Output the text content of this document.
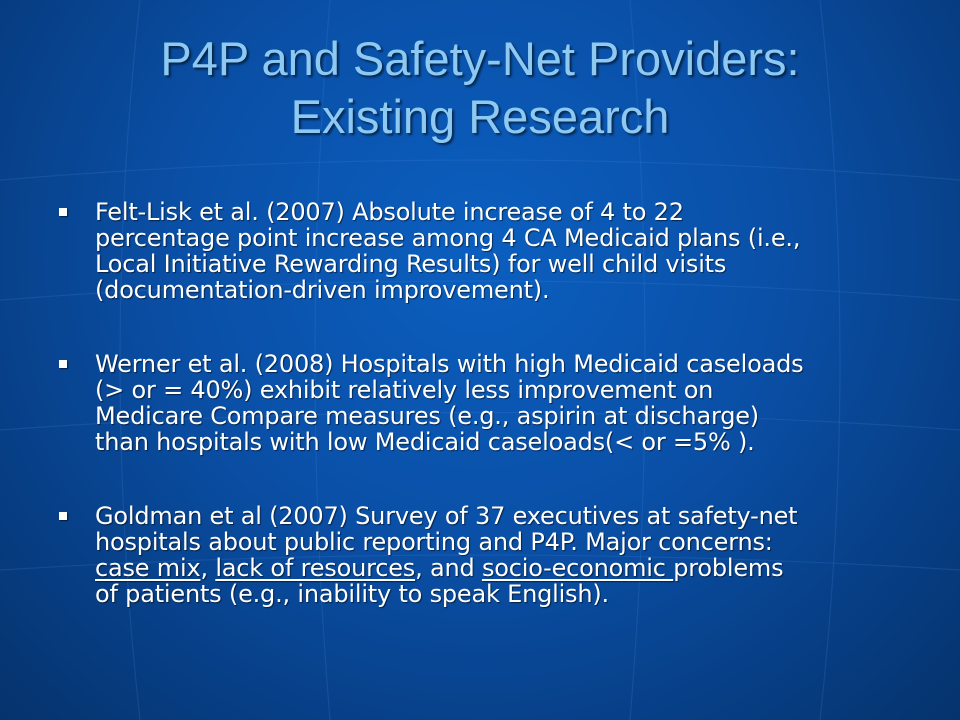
P4P and Safety-Net Providers:
Existing Research
Felt-Lisk et al. (2007) Absolute increase of 4 to 22
percentage point increase among 4 CA Medicaid plans (i.e.,
Local Initiative Rewarding Results) for well child visits
(documentation-driven improvement).
Werner et al. (2008) Hospitals with high Medicaid caseloads
(> or = 40%) exhibit relatively less improvement on
Medicare Compare measures (e.g., aspirin at discharge)
than hospitals with low Medicaid caseloads(< or =5% ).
Goldman et al (2007) Survey of 37 executives at safety-net
hospitals about public reporting and P4P. Major concerns:
case mix, lack of resources, and socio-economic problems
of patients (e.g., inability to speak English).
